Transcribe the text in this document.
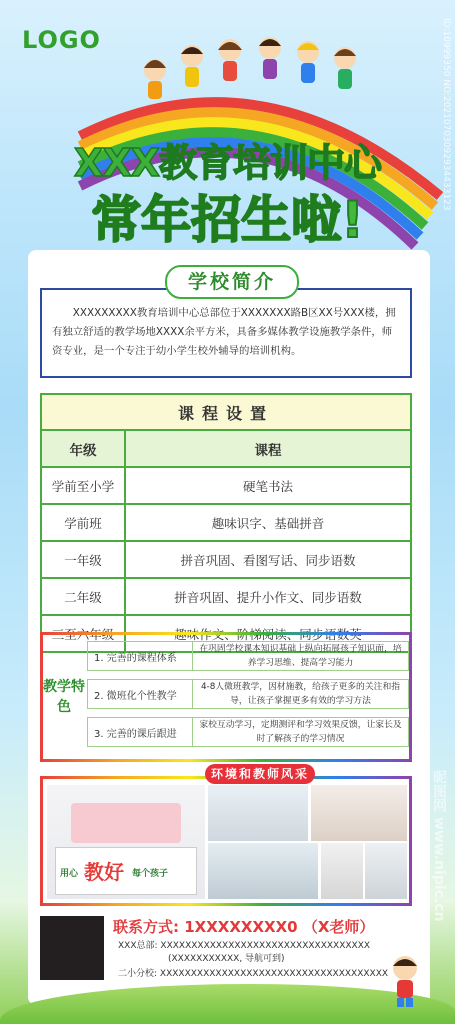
LOGO	ID:10999350 NO:20210703092934433123
XXX教育培训中心
常年招生啦!
XXXXXXXXX教育培训中心总部位于XXXXXXX路B区XX号XXX楼，拥有独立舒适的教学场地XXXX余平方米，具备多媒体教学设施教学条件，师资专业，是一个专注于幼小学生校外辅导的培训机构。
学校简介
课程设置	
年级	课程
学前至小学	硬笔书法
学前班	趣味识字、基础拼音
一年级	拼音巩固、看图写话、同步语数
二年级	拼音巩固、提升小作文、同步语数
三至六年级	趣味作文、阶梯阅读、同步语数英
教学特色
1. 完善的课程体系
在巩固学校课本知识基础上纵向拓展孩子知识面，培养学习思维、提高学习能力
2. 微班化个性教学
4-8人微班教学，因材施教，给孩子更多的关注和指导，让孩子掌握更多有效的学习方法
3. 完善的课后跟进
家校互动学习，定期测评和学习效果反馈，让家长及时了解孩子的学习情况
用心 教好 每个孩子
环境和教师风采
联系方式: 1XXXXXXXX0 （X老师）
XXX总部: XXXXXXXXXXXXXXXXXXXXXXXXXXXXXXXXXX
(XXXXXXXXXXX, 导航可到)
二小分校: XXXXXXXXXXXXXXXXXXXXXXXXXXXXXXXXXXXXX
昵图网 www.nipic.cn
